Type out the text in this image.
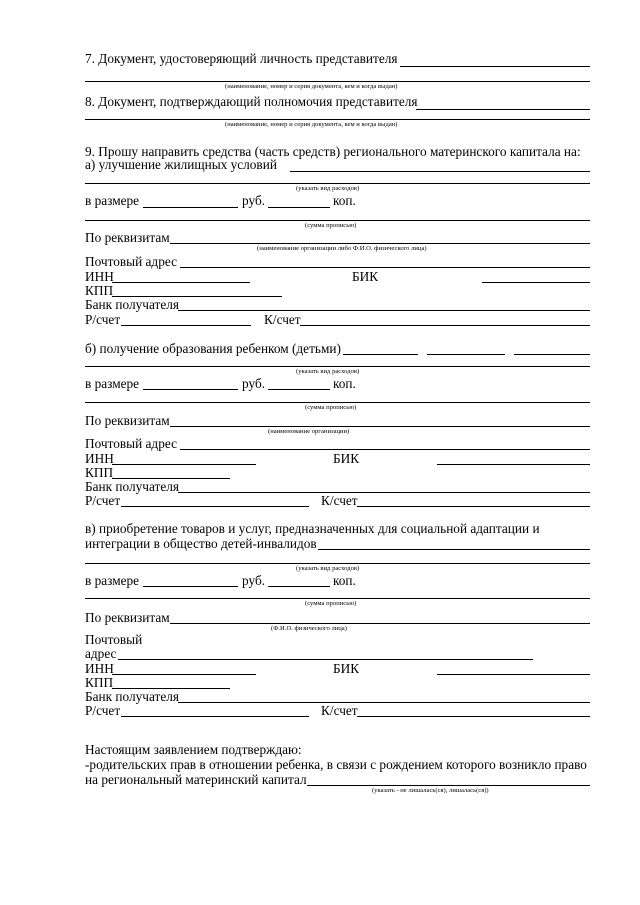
7. Документ, удостоверяющий личность представителя
(наименование, номер и серия документа, кем и когда выдан)
8. Документ, подтверждающий полномочия представителя
(наименование, номер и серия документа, кем и когда выдан)
9. Прошу направить средства (часть средств) регионального материнского капитала на:
а) улучшение жилищных условий
(указать вид расходов)
в размере	руб.	коп.
(сумма прописью)
По реквизитам
(наименование организации либо Ф.И.О. физического лица)
Почтовый адрес
ИНН	БИК
КПП
Банк получателя
Р/счет	К/счет
б) получение образования ребенком (детьми)
(указать вид расходов)
в размере	руб.	коп.
(сумма прописью)
По реквизитам
(наименование организации)
Почтовый адрес
ИНН	БИК
КПП
Банк получателя
Р/счет	К/счет
в) приобретение товаров и услуг, предназначенных для социальной адаптации и
интеграции в общество детей-инвалидов
(указать вид расходов)
в размере	руб.	коп.
(сумма прописью)
По реквизитам
(Ф.И.О. физического лица)
Почтовый
адрес
ИНН	БИК
КПП
Банк получателя
Р/счет	К/счет
Настоящим заявлением подтверждаю:
-родительских прав в отношении ребенка, в связи с рождением которого возникло право
на региональный материнский капитал
(указать - не лишалась(ся), лишалась(ся))
